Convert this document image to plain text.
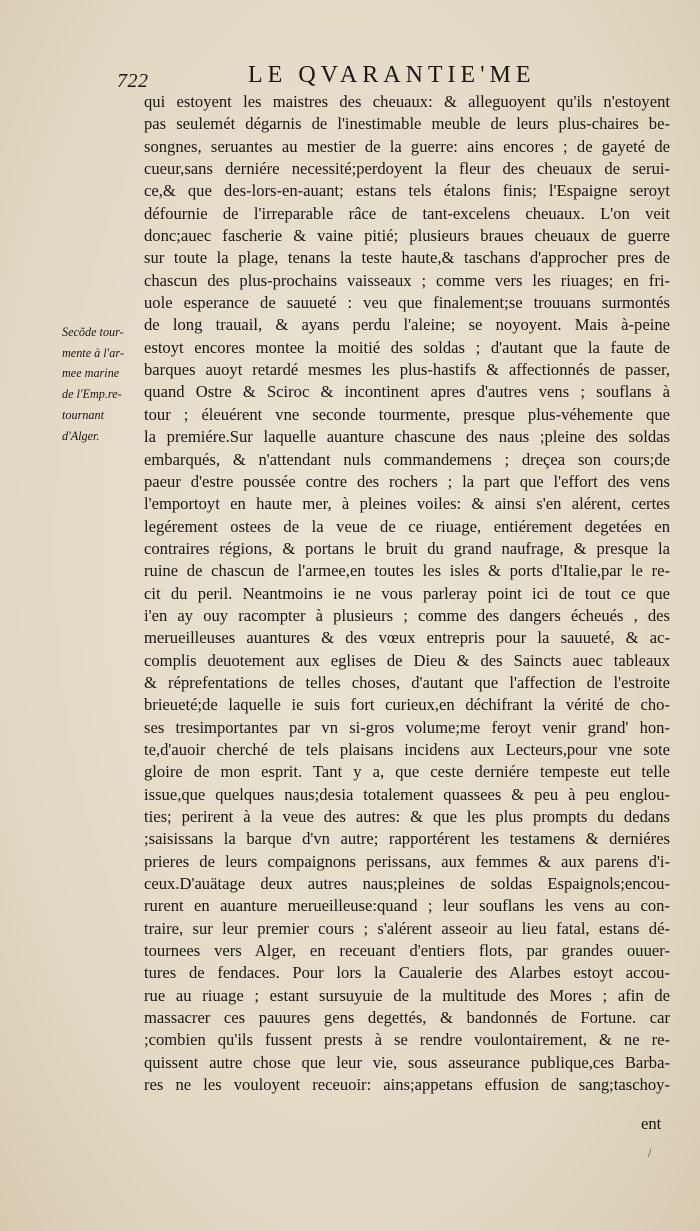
722	LE QVARANTIE'ME
Secõde tour-
mente à l'ar-
mee marine
de l'Emp.re-
tournant
d'Alger.
qui estoyent les maistres des cheuaux: & alleguoyent qu'ils n'estoyent
pas seulemét dégarnis de l'inestimable meuble de leurs plus-chaires be-
songnes, seruantes au mestier de la guerre: ains encores ; de gayeté de
cueur,sans derniére necessité;perdoyent la fleur des cheuaux de serui-
ce,& que des-lors-en-auant; estans tels étalons finis; l'Espaigne seroyt
défournie de l'irreparable râce de tant-excelens cheuaux. L'on veit
donc;auec fascherie & vaine pitié; plusieurs braues cheuaux de guerre
sur toute la plage, tenans la teste haute,& taschans d'approcher pres de
chascun des plus-prochains vaisseaux ; comme vers les riuages; en fri-
uole esperance de sauueté : veu que finalement;se trouuans surmontés
de long trauail, & ayans perdu l'aleine; se noyoyent. Mais à-peine
estoyt encores montee la moitié des soldas ; d'autant que la faute de
barques auoyt retardé mesmes les plus-hastifs & affectionnés de passer,
quand Ostre & Sciroc & incontinent apres d'autres vens ; souflans à
tour ; éleuérent vne seconde tourmente, presque plus-véhemente que
la premiére.Sur laquelle auanture chascune des naus ;pleine des soldas
embarqués, & n'attendant nuls commandemens ; dreçea son cours;de
paeur d'estre poussée contre des rochers ; la part que l'effort des vens
l'emportoyt en haute mer, à pleines voiles: & ainsi s'en alérent, certes
legérement ostees de la veue de ce riuage, entiérement degetées en
contraires régions, & portans le bruit du grand naufrage, & presque la
ruine de chascun de l'armee,en toutes les isles & ports d'Italie,par le re-
cit du peril. Neantmoins ie ne vous parleray point ici de tout ce que
i'en ay ouy racompter à plusieurs ; comme des dangers écheués , des
merueilleuses auantures & des vœux entrepris pour la sauueté, & ac-
complis deuotement aux eglises de Dieu & des Saincts auec tableaux
& réprefentations de telles choses, d'autant que l'affection de l'estroite
brieueté;de laquelle ie suis fort curieux,en déchifrant la vérité de cho-
ses tresimportantes par vn si-gros volume;me feroyt venir grand' hon-
te,d'auoir cherché de tels plaisans incidens aux Lecteurs,pour vne sote
gloire de mon esprit. Tant y a, que ceste derniére tempeste eut telle
issue,que quelques naus;desia totalement quassees & peu à peu englou-
ties; perirent à la veue des autres: & que les plus prompts du dedans
;saisissans la barque d'vn autre; rapportérent les testamens & derniéres
prieres de leurs compaignons perissans, aux femmes & aux parens d'i-
ceux.D'auätage deux autres naus;pleines de soldas Espaignols;encou-
rurent en auanture merueilleuse:quand ; leur souflans les vens au con-
traire, sur leur premier cours ; s'alérent asseoir au lieu fatal, estans dé-
tournees vers Alger, en receuant d'entiers flots, par grandes ouuer-
tures de fendaces. Pour lors la Caualerie des Alarbes estoyt accou-
rue au riuage ; estant sursuyuie de la multitude des Mores ; afin de
massacrer ces pauures gens degettés, & bandonnés de Fortune. car
;combien qu'ils fussent prests à se rendre voulontairement, & ne re-
quissent autre chose que leur vie, sous asseurance publique,ces Barba-
res ne les vouloyent receuoir: ains;appetans effusion de sang;taschoy-
ent
/
